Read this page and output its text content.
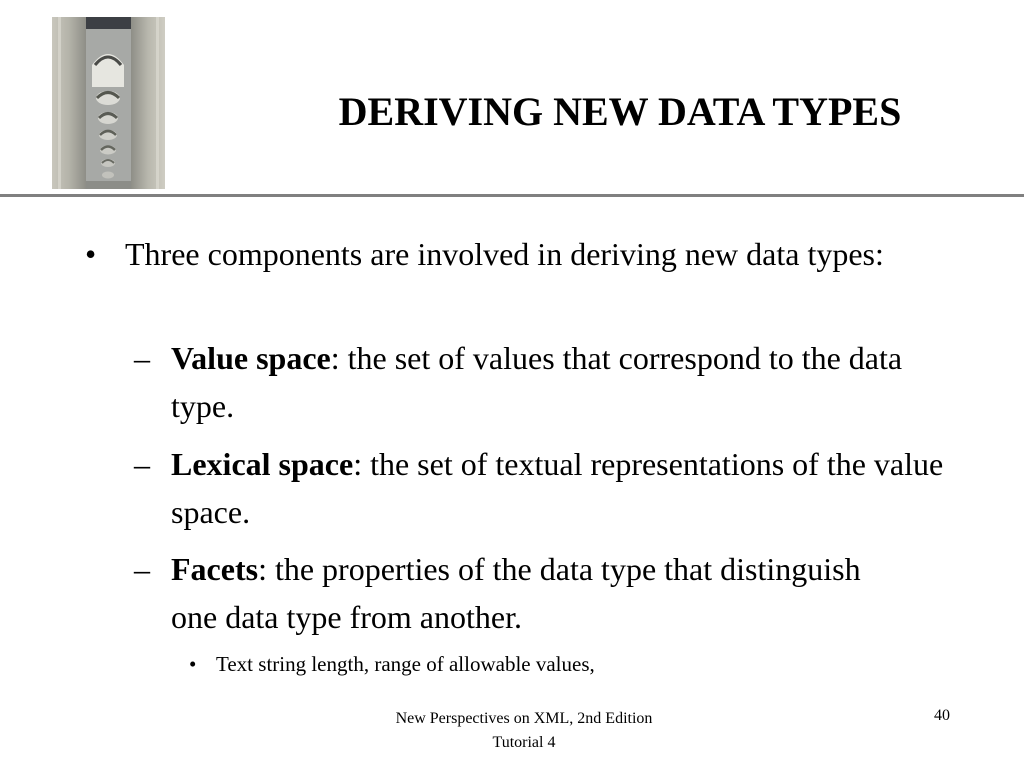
DERIVING NEW DATA TYPES
• Three components are involved in deriving new data types:
– Value space: the set of values that correspond to the data type.
– Lexical space: the set of textual representations of the value space.
– Facets: the properties of the data type that distinguish one data type from another.
• Text string length, range of allowable values,
New Perspectives on XML, 2nd Edition
Tutorial 4
40
